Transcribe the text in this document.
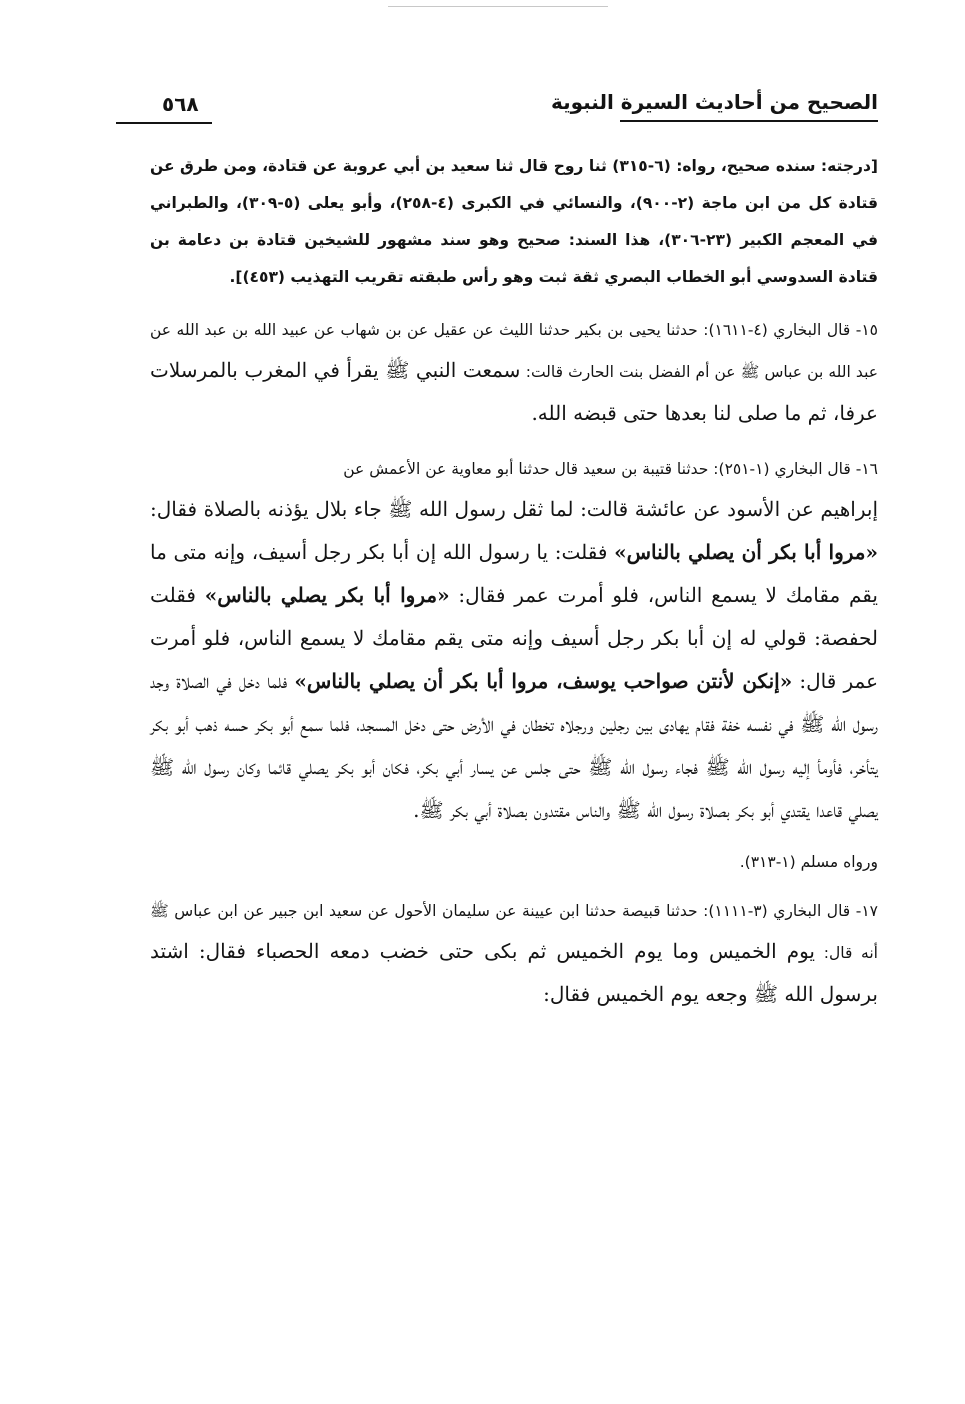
الصحيح من أحاديث السيرة النبوية
٥٦٨

[درجته: سنده صحيح، رواه: (٦-٣١٥) ثنا روح قال ثنا سعيد بن أبي عروبة عن قتادة، ومن طرق عن قتادة كل من ابن ماجة (٢-٩٠٠)، والنسائي في الكبرى (٤-٢٥٨)، وأبو يعلى (٥-٣٠٩)، والطبراني في المعجم الكبير (٢٣-٣٠٦)، هذا السند: صحيح وهو سند مشهور للشيخين قتادة بن دعامة بن قتادة السدوسي أبو الخطاب البصري ثقة ثبت وهو رأس طبقته تقريب التهذيب (٤٥٣)].

١٥- قال البخاري (٤-١٦١١): حدثنا يحيى بن بكير حدثنا الليث عن عقيل عن بن شهاب عن عبيد الله بن عبد الله عن عبد الله بن عباس ﷺ عن أم الفضل بنت الحارث قالت: سمعت النبي ﷺ يقرأ في المغرب بالمرسلات عرفا، ثم ما صلى لنا بعدها حتى قبضه الله.

١٦- قال البخاري (١-٢٥١): حدثنا قتيبة بن سعيد قال حدثنا أبو معاوية عن الأعمش عن

إبراهيم عن الأسود عن عائشة قالت: لما ثقل رسول الله ﷺ جاء بلال يؤذنه بالصلاة فقال: «مروا أبا بكر أن يصلي بالناس» فقلت: يا رسول الله إن أبا بكر رجل أسيف، وإنه متى ما يقم مقامك لا يسمع الناس، فلو أمرت عمر فقال: «مروا أبا بكر يصلي بالناس» فقلت لحفصة: قولي له إن أبا بكر رجل أسيف وإنه متى يقم مقامك لا يسمع الناس، فلو أمرت عمر قال: «إنكن لأنتن صواحب يوسف، مروا أبا بكر أن يصلي بالناس» فلما دخل في الصلاة وجد رسول الله ﷺ في نفسه خفة فقام يهادى بين رجلين ورجلاه تخطان في الأرض حتى دخل المسجد، فلما سمع أبو بكر حسه ذهب أبو بكر يتأخر، فأومأ إليه رسول الله ﷺ فجاء رسول الله ﷺ حتى جلس عن يسار أبي بكر، فكان أبو بكر يصلي قائما وكان رسول الله ﷺ يصلي قاعدا يقتدي أبو بكر بصلاة رسول الله ﷺ والناس مقتدون بصلاة أبي بكر ﷺ.

ورواه مسلم (١-٣١٣).

١٧- قال البخاري (٣-١١١١): حدثنا قبيصة حدثنا ابن عيينة عن سليمان الأحول عن سعيد ابن جبير عن ابن عباس ﷺ أنه قال: يوم الخميس وما يوم الخميس ثم بكى حتى خضب دمعه الحصباء فقال: اشتد برسول الله ﷺ وجعه يوم الخميس فقال:
